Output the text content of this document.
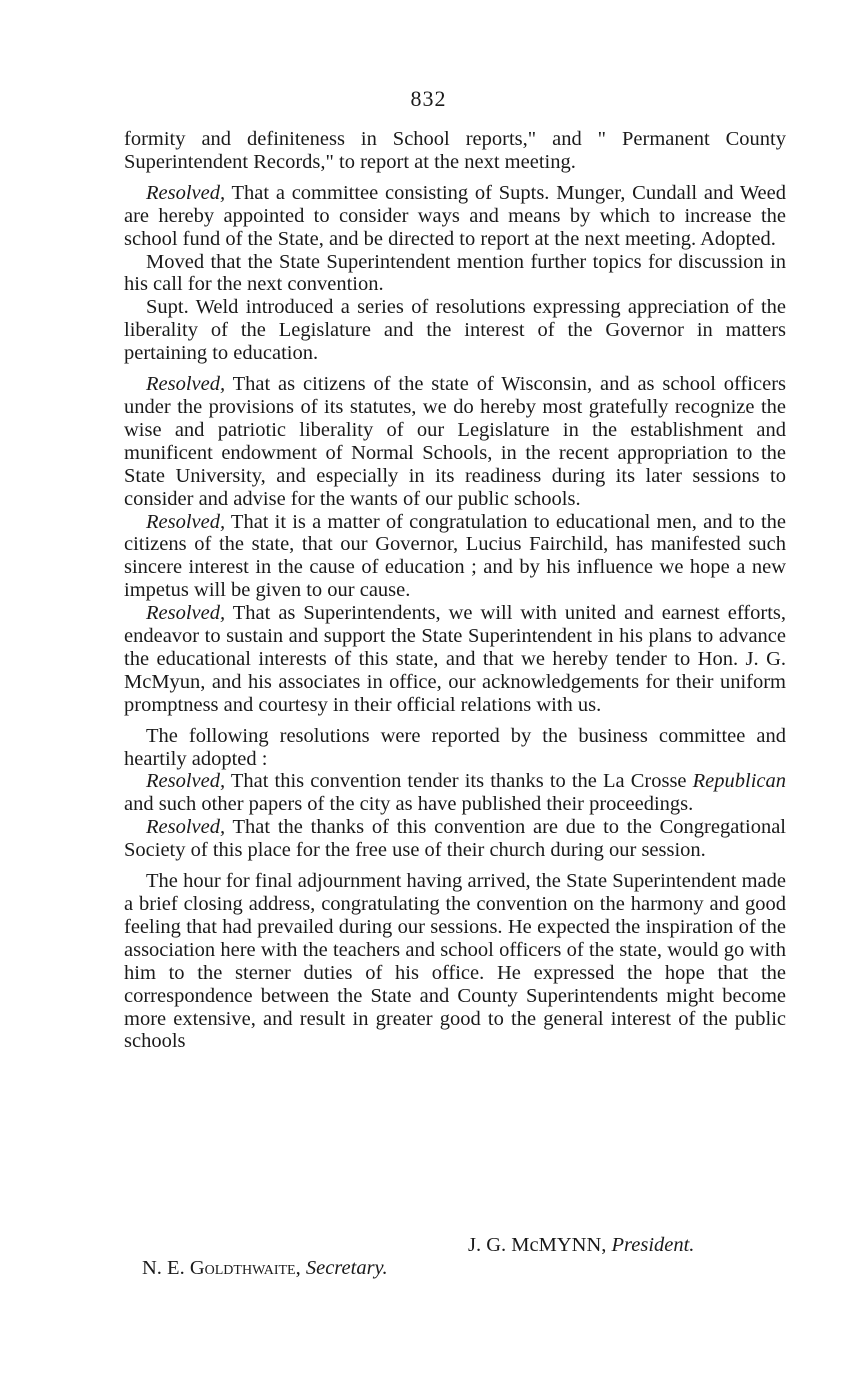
832

formity and definiteness in School reports," and " Permanent County Superintendent Records," to report at the next meeting.

Resolved, That a committee consisting of Supts. Munger, Cundall and Weed are hereby appointed to consider ways and means by which to increase the school fund of the State, and be directed to report at the next meeting. Adopted.

Moved that the State Superintendent mention further topics for discussion in his call for the next convention.

Supt. Weld introduced a series of resolutions expressing appreciation of the liberality of the Legislature and the interest of the Governor in matters pertaining to education.

Resolved, That as citizens of the state of Wisconsin, and as school officers under the provisions of its statutes, we do hereby most gratefully recognize the wise and patriotic liberality of our Legislature in the establishment and munificent endowment of Normal Schools, in the recent appropriation to the State University, and especially in its readiness during its later sessions to consider and advise for the wants of our public schools.

Resolved, That it is a matter of congratulation to educational men, and to the citizens of the state, that our Governor, Lucius Fairchild, has manifested such sincere interest in the cause of education ; and by his influence we hope a new impetus will be given to our cause.

Resolved, That as Superintendents, we will with united and earnest efforts, endeavor to sustain and support the State Superintendent in his plans to advance the educational interests of this state, and that we hereby tender to Hon. J. G. McMyun, and his associates in office, our acknowledgements for their uniform promptness and courtesy in their official relations with us.

The following resolutions were reported by the business committee and heartily adopted :

Resolved, That this convention tender its thanks to the La Crosse Republican and such other papers of the city as have published their proceedings.

Resolved, That the thanks of this convention are due to the Congregational Society of this place for the free use of their church during our session.

The hour for final adjournment having arrived, the State Superintendent made a brief closing address, congratulating the convention on the harmony and good feeling that had prevailed during our sessions. He expected the inspiration of the association here with the teachers and school officers of the state, would go with him to the sterner duties of his office. He expressed the hope that the correspondence between the State and County Superintendents might become more extensive, and result in greater good to the general interest of the public schools

J. G. McMYNN, President.
N. E. Goldthwaite, Secretary.
